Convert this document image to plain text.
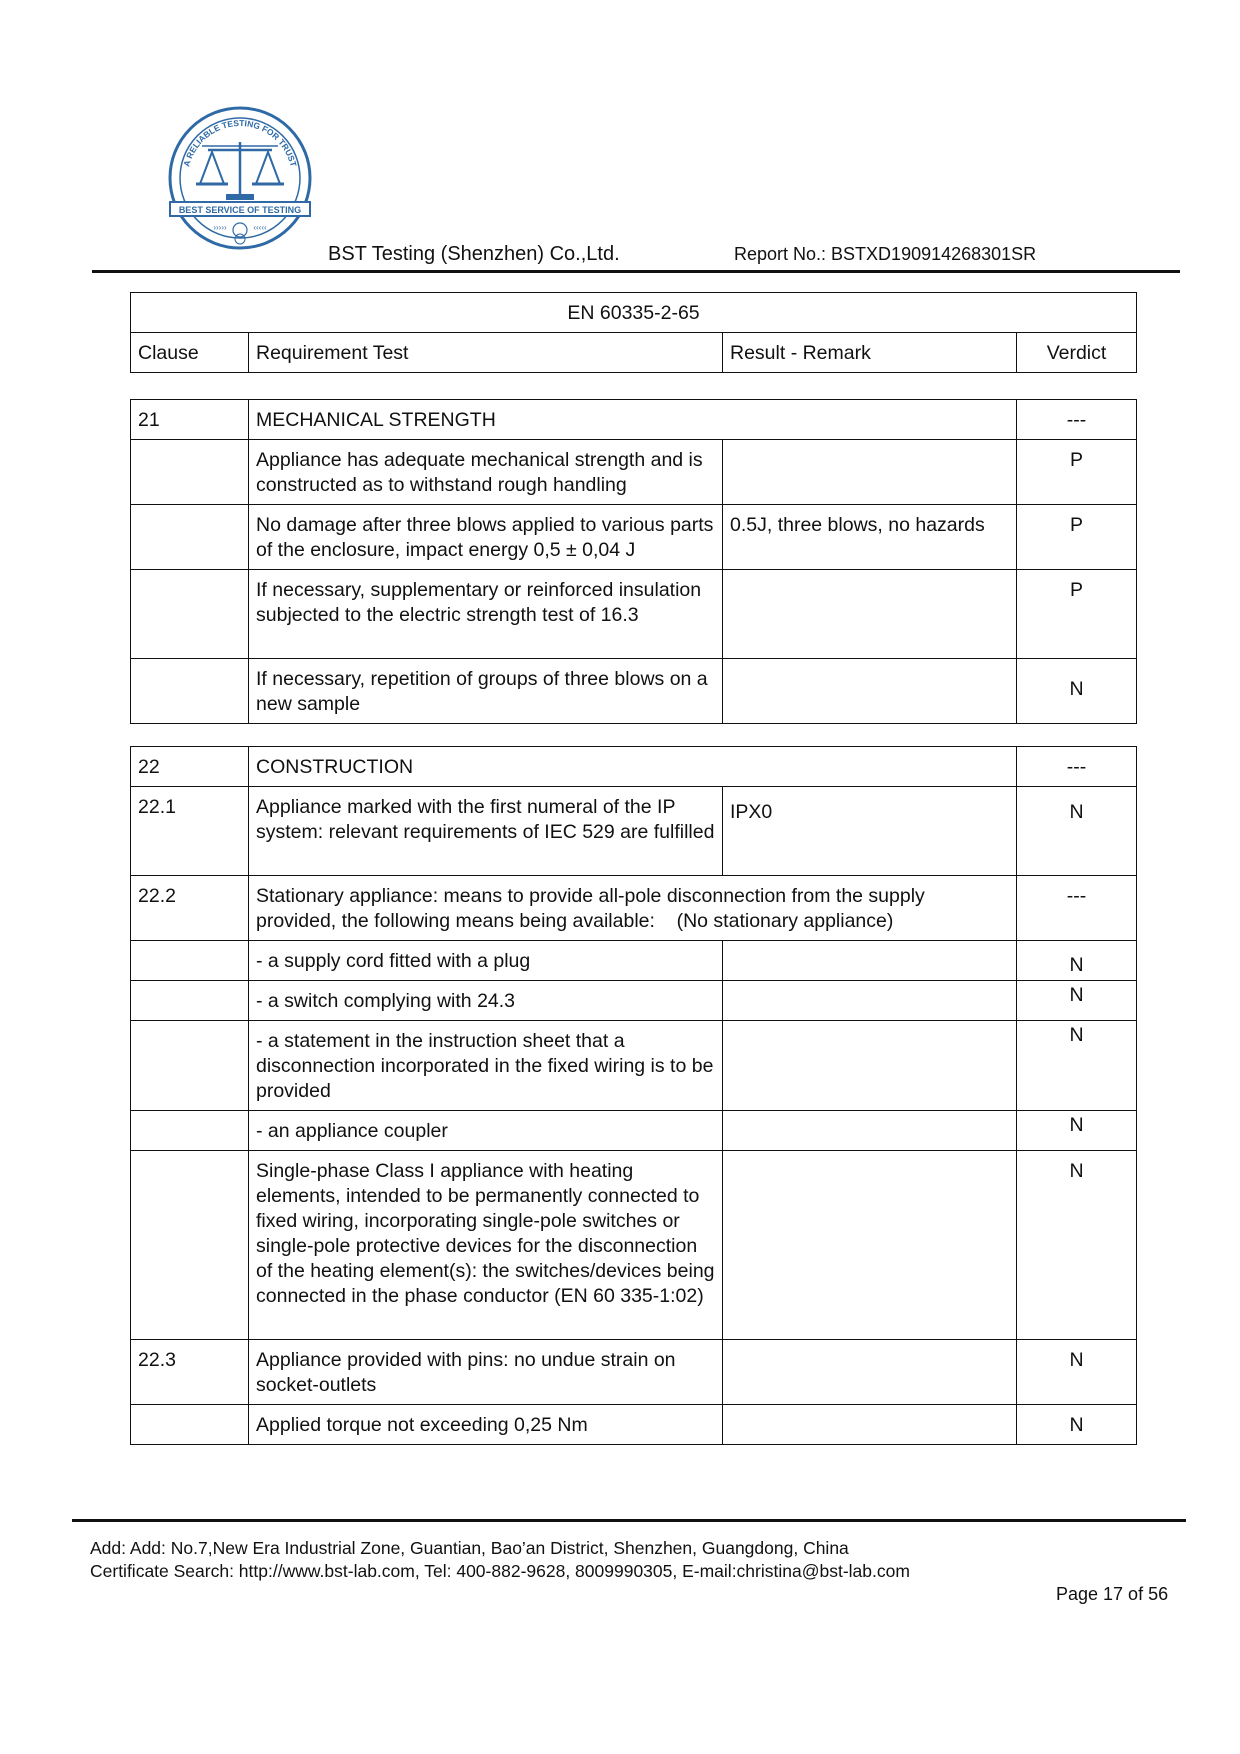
A RELIABLE TESTING FOR TRUST
BEST SERVICE OF TESTING
›››››	‹‹‹‹‹
BST Testing (Shenzhen) Co.,Ltd.	Report No.: BSTXD190914268301SR
EN 60335-2-65
Clause	Requirement Test	Result - Remark	Verdict
21	MECHANICAL STRENGTH		---
	Appliance has adequate mechanical strength and is constructed as to withstand rough handling		P
	No damage after three blows applied to various parts of the enclosure, impact energy 0,5 ± 0,04 J	0.5J, three blows, no hazards	P
	If necessary, supplementary or reinforced insulation subjected to the electric strength test of 16.3		P
	If necessary, repetition of groups of three blows on a new sample		N
22	CONSTRUCTION		---
22.1	Appliance marked with the first numeral of the IP system: relevant requirements of IEC 529 are fulfilled	IPX0	N
22.2	Stationary appliance: means to provide all-pole disconnection from the supply provided, the following means being available:    (No stationary appliance)		---
	- a supply cord fitted with a plug		N
	- a switch complying with 24.3		N
	- a statement in the instruction sheet that a disconnection incorporated in the fixed wiring is to be provided		N
	- an appliance coupler		N
	Single-phase Class I appliance with heating elements, intended to be permanently connected to fixed wiring, incorporating single-pole switches or single-pole protective devices for the disconnection of the heating element(s): the switches/devices being connected in the phase conductor (EN 60 335-1:02)		N
22.3	Appliance provided with pins: no undue strain on socket-outlets		N
	Applied torque not exceeding 0,25 Nm		N
Add: Add: No.7,New Era Industrial Zone, Guantian, Bao’an District, Shenzhen, Guangdong, China
Certificate Search: http://www.bst-lab.com, Tel: 400-882-9628, 8009990305, E-mail:christina@bst-lab.com
Page 17 of 56
